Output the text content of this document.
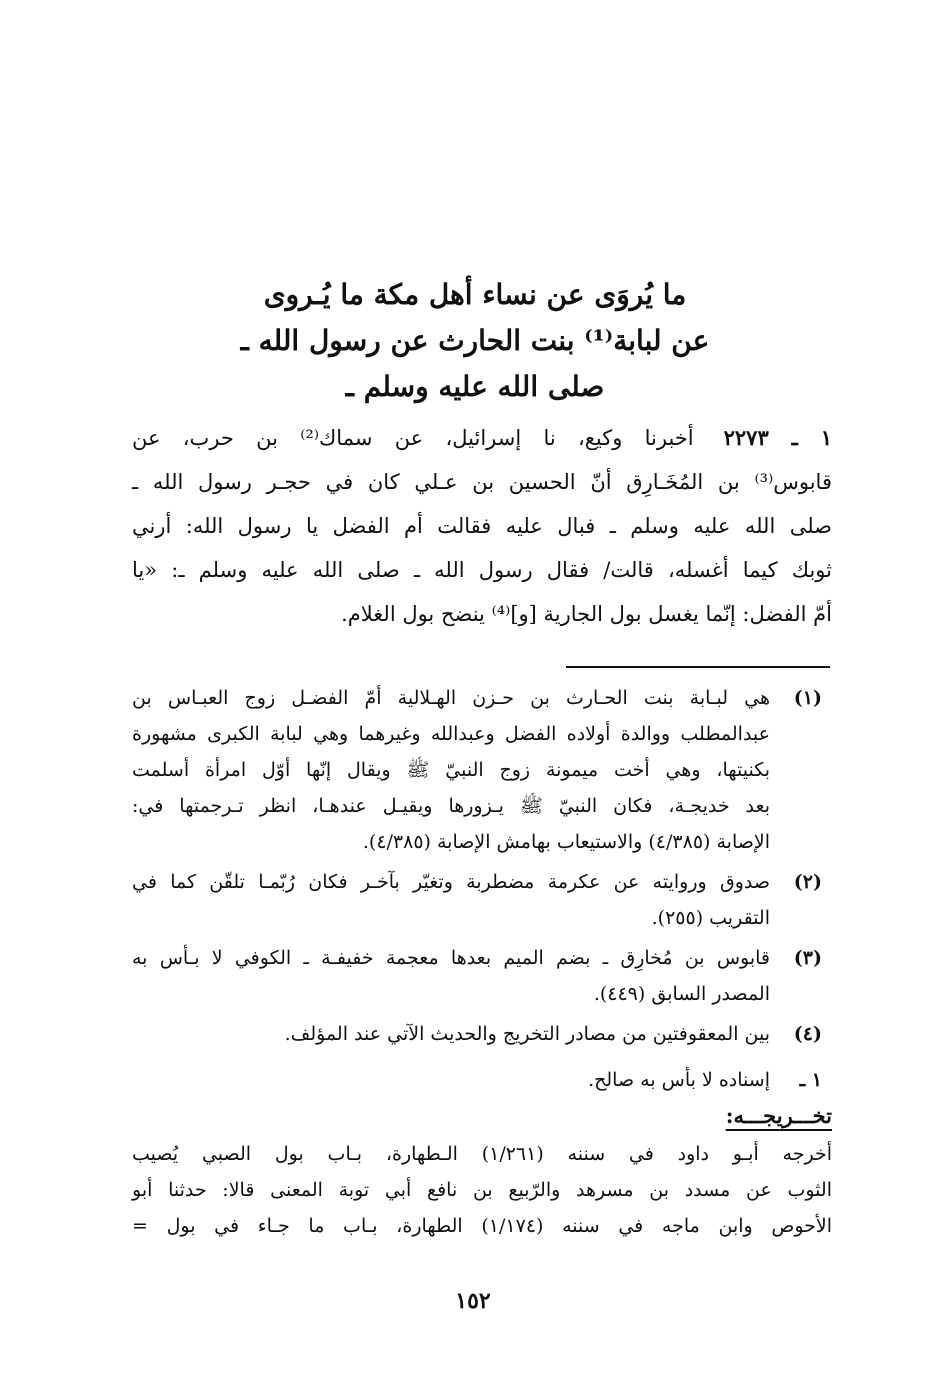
ما يُروَى عن نساء أهل مكة ما يُـروى
عن لبابة⁽¹⁾ بنت الحارث عن رسول الله ـ
صلى الله عليه وسلم ـ
١ ـ ٢٢٧٣أخبرنا وكيع، نا إسرائيل، عن سماك⁽²⁾ بن حرب، عن
قابوس⁽³⁾ بن المُخَـارِق أنّ الحسين بن عـلي كان في حجـر رسول الله ـ
صلى الله عليه وسلم ـ فبال عليه فقالت أم الفضل يا رسول الله: أرني
ثوبك كيما أغسله، قالت/ فقال رسول الله ـ صلى الله عليه وسلم ـ: «يا
أمّ الفضل: إنّما يغسل بول الجارية [و]⁽⁴⁾ ينضح بول الغلام.
(١)
هي لبـابة بنت الحـارث بن حـزن الهـلالية أمّ الفضـل زوج العبـاس بن
عبدالمطلب ووالدة أولاده الفضل وعبدالله وغيرهما وهي لبابة الكبرى مشهورة
بكنيتها، وهي أخت ميمونة زوج النبيّ ﷺ ويقال إنّها أوّل امرأة أسلمت
بعد خديجـة، فكان النبيّ ﷺ يـزورها ويقيـل عندهـا، انظر تـرجمتها في:
الإصابة (٤/٣٨٥) والاستيعاب بهامش الإصابة (٤/٣٨٥).
(٢)
صدوق وروايته عن عكرمة مضطربة وتغيّر بآخـر فكان رُبّمـا تلقّن كما في
التقريب (٢٥٥).
(٣)
قابوس بن مُخارِق ـ بضم الميم بعدها معجمة خفيفـة ـ الكوفي لا بـأس به
المصدر السابق (٤٤٩).
(٤)
بين المعقوفتين من مصادر التخريج والحديث الآتي عند المؤلف.
١ ـ
إسناده لا بأس به صالح.
تخـــريجـــه:
أخرجه أبـو داود في سننه (١/٢٦١) الـطهارة، بـاب بول الصبي يُصيب
الثوب عن مسدد بن مسرهد والرّبيع بن نافع أبي توبة المعنى قالا: حدثنا أبو
الأحوص وابن ماجه في سننه (١/١٧٤) الطهارة، بـاب ما جـاء في بول =
١٥٢
